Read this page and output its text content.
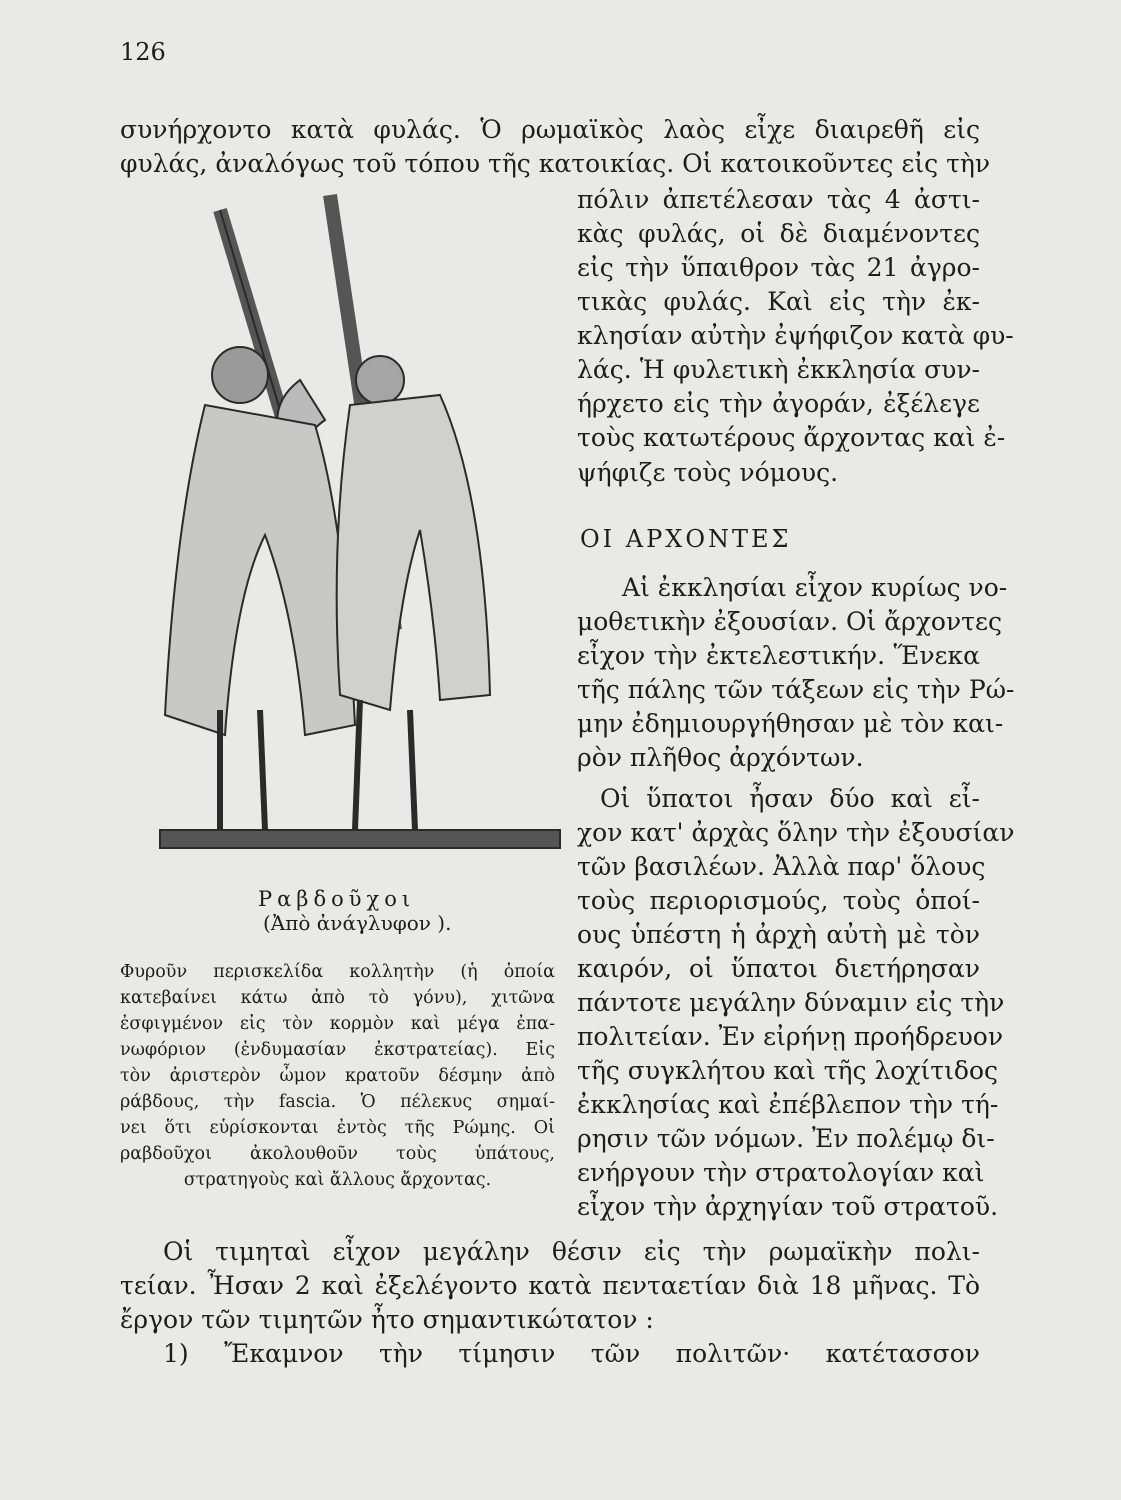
126
συνήρχοντο κατὰ φυλάς. Ὁ ρωμαϊκὸς λαὸς εἶχε διαιρεθῆ εἰς
φυλάς, ἀναλόγως τοῦ τόπου τῆς κατοικίας. Οἱ κατοικοῦντες εἰς τὴν
πόλιν ἀπετέλεσαν τὰς 4 ἀστι-
κὰς φυλάς, οἱ δὲ διαμένοντες
εἰς τὴν ὕπαιθρον τὰς 21 ἀγρο-
τικὰς φυλάς. Καὶ εἰς τὴν ἐκ-
κλησίαν αὐτὴν ἐψήφιζον κατὰ φυ-
λάς. Ἡ φυλετικὴ ἐκκλησία συν-
ήρχετο εἰς τὴν ἀγοράν, ἐξέλεγε
τοὺς κατωτέρους ἄρχοντας καὶ ἐ-
ψήφιζε τοὺς νόμους.
ΟΙ ΑΡΧΟΝΤΕΣ
Αἱ ἐκκλησίαι εἶχον κυρίως νο-
μοθετικὴν ἐξουσίαν. Οἱ ἄρχοντες
εἶχον τὴν ἐκτελεστικήν. Ἕνεκα
τῆς πάλης τῶν τάξεων εἰς τὴν Ρώ-
μην ἐδημιουργήθησαν μὲ τὸν και-
ρὸν πλῆθος ἀρχόντων.
Οἱ ὕπατοι ἦσαν δύο καὶ εἶ-
χον κατ' ἀρχὰς ὅλην τὴν ἐξουσίαν
τῶν βασιλέων. Ἀλλὰ παρ' ὅλους
τοὺς περιορισμούς, τοὺς ὁποί-
ους ὑπέστη ἡ ἀρχὴ αὐτὴ μὲ τὸν
καιρόν, οἱ ὕπατοι διετήρησαν
πάντοτε μεγάλην δύναμιν εἰς τὴν
πολιτείαν. Ἐν εἰρήνῃ προήδρευον
τῆς συγκλήτου καὶ τῆς λοχίτιδος
ἐκκλησίας καὶ ἐπέβλεπον τὴν τή-
ρησιν τῶν νόμων. Ἐν πολέμῳ δι-
ενήργουν τὴν στρατολογίαν καὶ
εἶχον τὴν ἀρχηγίαν τοῦ στρατοῦ.
Ραβδοῦχοι
(Ἀπὸ ἀνάγλυφον ).
Φυροῦν περισκελίδα κολλητὴν (ἡ ὁποία
κατεβαίνει κάτω ἀπὸ τὸ γόνυ), χιτῶνα
ἐσφιγμένον εἰς τὸν κορμὸν καὶ μέγα ἐπα-
νωφόριον (ἐνδυμασίαν ἐκστρατείας). Εἰς
τὸν ἀριστερὸν ὦμον κρατοῦν δέσμην ἀπὸ
ράβδους, τὴν fascia. Ὁ πέλεκυς σημαί-
νει ὅτι εὑρίσκονται ἐντὸς τῆς Ρώμης. Οἱ
ραβδοῦχοι ἀκολουθοῦν τοὺς ὑπάτους,
στρατηγοὺς καὶ ἄλλους ἄρχοντας.
Οἱ τιμηταὶ εἶχον μεγάλην θέσιν εἰς τὴν ρωμαϊκὴν πολι-
τείαν. Ἦσαν 2 καὶ ἐξελέγοντο κατὰ πενταετίαν διὰ 18 μῆνας. Τὸ
ἔργον τῶν τιμητῶν ἦτο σημαντικώτατον :
1) Ἔκαμνον τὴν τίμησιν τῶν πολιτῶν· κατέτασσον
